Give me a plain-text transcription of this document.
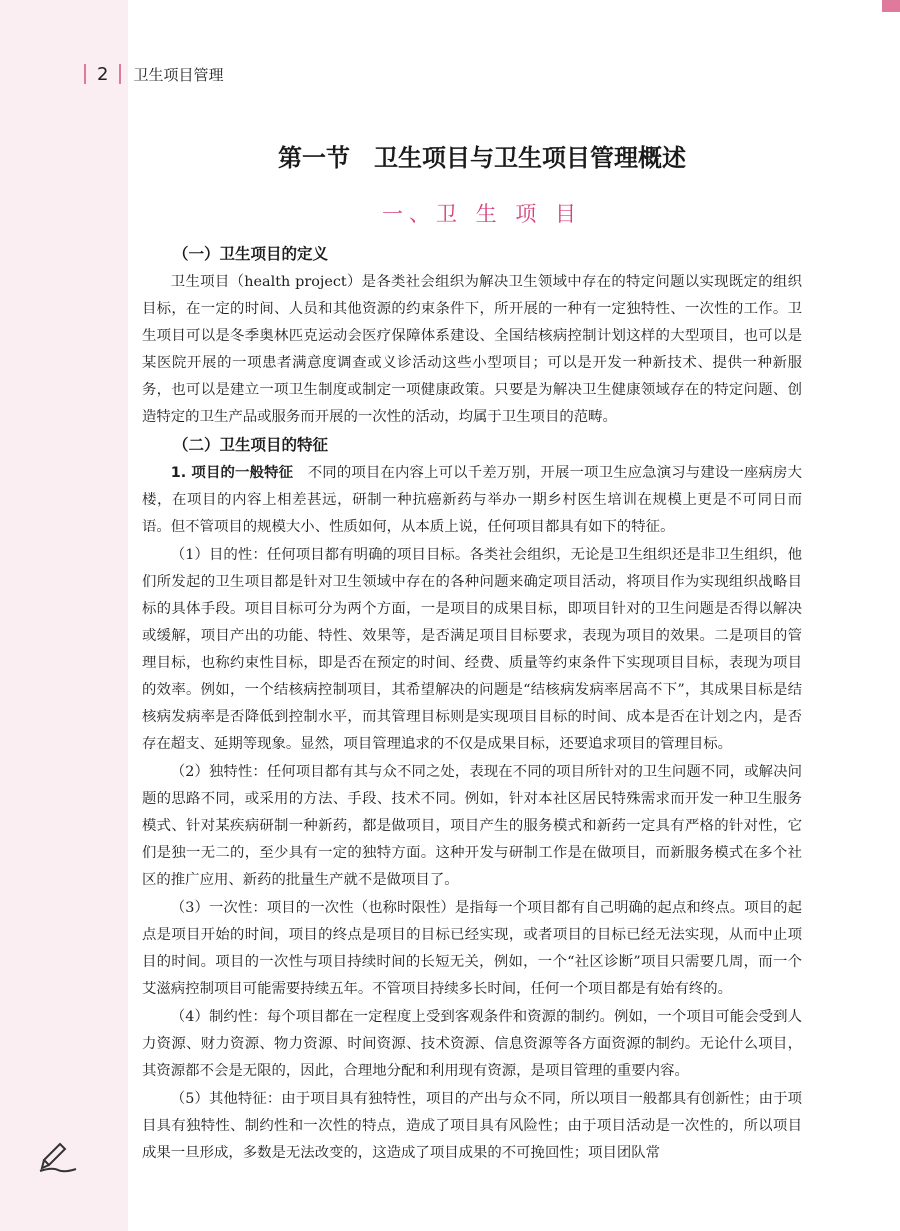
2 卫生项目管理
第一节　卫生项目与卫生项目管理概述
一、卫 生 项 目
（一）卫生项目的定义

卫生项目（health project）是各类社会组织为解决卫生领域中存在的特定问题以实现既定的组织目标，在一定的时间、人员和其他资源的约束条件下，所开展的一种有一定独特性、一次性的工作。卫生项目可以是冬季奥林匹克运动会医疗保障体系建设、全国结核病控制计划这样的大型项目，也可以是某医院开展的一项患者满意度调查或义诊活动这些小型项目；可以是开发一种新技术、提供一种新服务，也可以是建立一项卫生制度或制定一项健康政策。只要是为解决卫生健康领域存在的特定问题、创造特定的卫生产品或服务而开展的一次性的活动，均属于卫生项目的范畴。

（二）卫生项目的特征

1. 项目的一般特征　 不同的项目在内容上可以千差万别，开展一项卫生应急演习与建设一座病房大楼，在项目的内容上相差甚远，研制一种抗癌新药与举办一期乡村医生培训在规模上更是不可同日而语。但不管项目的规模大小、性质如何，从本质上说，任何项目都具有如下的特征。

（1）目的性：任何项目都有明确的项目目标。各类社会组织，无论是卫生组织还是非卫生组织，他们所发起的卫生项目都是针对卫生领域中存在的各种问题来确定项目活动，将项目作为实现组织战略目标的具体手段。项目目标可分为两个方面，一是项目的成果目标，即项目针对的卫生问题是否得以解决或缓解，项目产出的功能、特性、效果等，是否满足项目目标要求，表现为项目的效果。二是项目的管理目标，也称约束性目标，即是否在预定的时间、经费、质量等约束条件下实现项目目标，表现为项目的效率。例如，一个结核病控制项目，其希望解决的问题是“结核病发病率居高不下”，其成果目标是结核病发病率是否降低到控制水平，而其管理目标则是实现项目目标的时间、成本是否在计划之内，是否存在超支、延期等现象。显然，项目管理追求的不仅是成果目标，还要追求项目的管理目标。

（2）独特性：任何项目都有其与众不同之处，表现在不同的项目所针对的卫生问题不同，或解决问题的思路不同，或采用的方法、手段、技术不同。例如，针对本社区居民特殊需求而开发一种卫生服务模式、针对某疾病研制一种新药，都是做项目，项目产生的服务模式和新药一定具有严格的针对性，它们是独一无二的，至少具有一定的独特方面。这种开发与研制工作是在做项目，而新服务模式在多个社区的推广应用、新药的批量生产就不是做项目了。

（3）一次性：项目的一次性（也称时限性）是指每一个项目都有自己明确的起点和终点。项目的起点是项目开始的时间，项目的终点是项目的目标已经实现，或者项目的目标已经无法实现，从而中止项目的时间。项目的一次性与项目持续时间的长短无关，例如，一个“社区诊断”项目只需要几周，而一个艾滋病控制项目可能需要持续五年。不管项目持续多长时间，任何一个项目都是有始有终的。

（4）制约性：每个项目都在一定程度上受到客观条件和资源的制约。例如，一个项目可能会受到人力资源、财力资源、物力资源、时间资源、技术资源、信息资源等各方面资源的制约。无论什么项目，其资源都不会是无限的，因此，合理地分配和利用现有资源，是项目管理的重要内容。

（5）其他特征：由于项目具有独特性，项目的产出与众不同，所以项目一般都具有创新性；由于项目具有独特性、制约性和一次性的特点，造成了项目具有风险性；由于项目活动是一次性的，所以项目成果一旦形成，多数是无法改变的，这造成了项目成果的不可挽回性；项目团队常
